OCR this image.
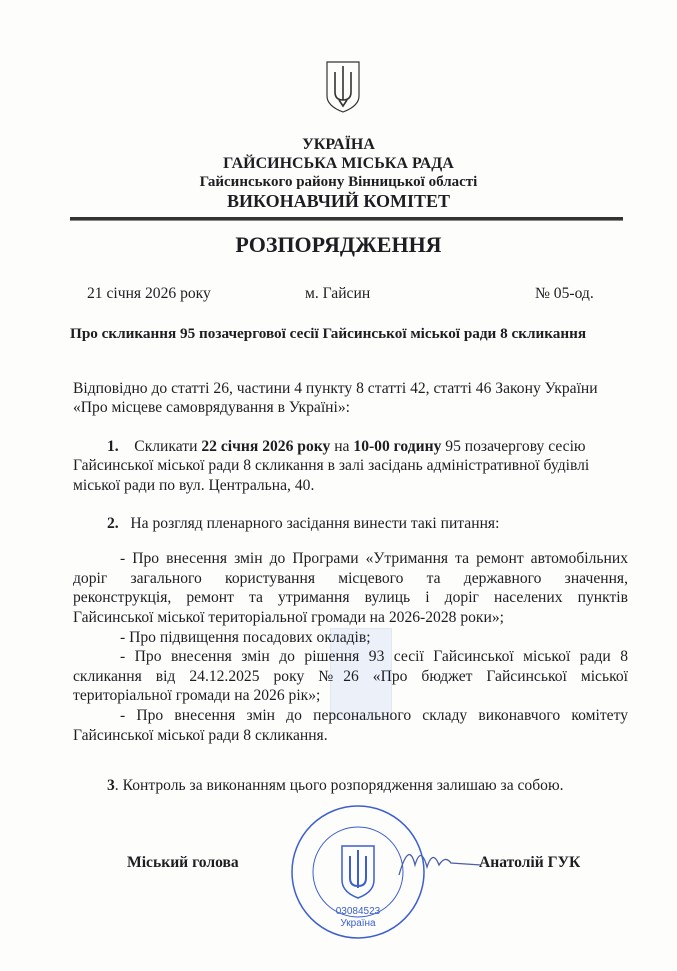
УКРАЇНА
ГАЙСИНСЬКА МІСЬКА РАДА
Гайсинського району Вінницької області
ВИКОНАВЧИЙ КОМІТЕТ
РОЗПОРЯДЖЕННЯ
21 січня 2026 року	м. Гайсин	№ 05-од.
Про скликання 95 позачергової сесії Гайсинської міської ради 8 скликання
Відповідно до статті 26, частини 4 пункту 8 статті 42, статті 46 Закону України
«Про місцеве самоврядування в Україні»:
1. Скликати 22 січня 2026 року на 10-00 годину 95 позачергову сесію
Гайсинської міської ради 8 скликання в залі засідань адміністративної будівлі
міської ради по вул. Центральна, 40.
2. На розгляд пленарного засідання винести такі питання:
- Про внесення змін до Програми «Утримання та ремонт автомобільних
доріг загального користування місцевого та державного значення,
реконструкція, ремонт та утримання вулиць і доріг населених пунктів
Гайсинської міської територіальної громади на 2026-2028 роки»;
- Про підвищення посадових окладів;
- Про внесення змін до рішення 93 сесії Гайсинської міської ради 8
скликання від 24.12.2025 року №26 «Про бюджет Гайсинської міської
територіальної громади на 2026 рік»;
- Про внесення змін до персонального складу виконавчого комітету
Гайсинської міської ради 8 скликання.
3. Контроль за виконанням цього розпорядження залишаю за собою.
03084523
Україна
Міський голова	Анатолій ГУК
